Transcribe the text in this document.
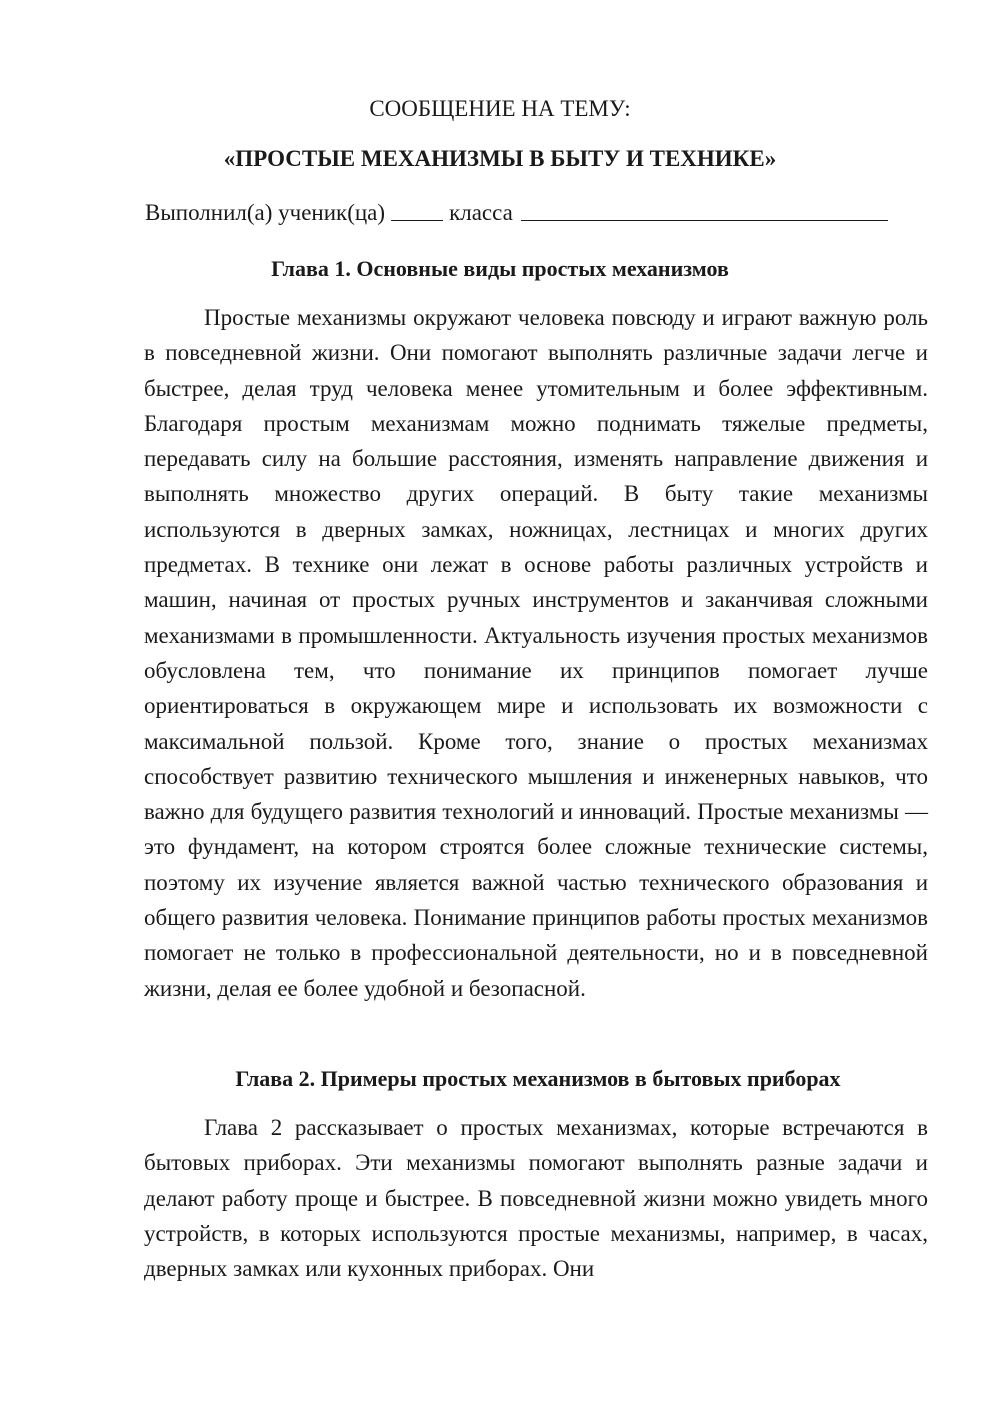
СООБЩЕНИЕ НА ТЕМУ:
«ПРОСТЫЕ МЕХАНИЗМЫ В БЫТУ И ТЕХНИКЕ»
Выполнил(а) ученик(ца)	класса
Глава 1. Основные виды простых механизмов

Простые механизмы окружают человека повсюду и играют важную роль в повседневной жизни. Они помогают выполнять различные задачи легче и быстрее, делая труд человека менее утомительным и более эффективным. Благодаря простым механизмам можно поднимать тяжелые предметы, передавать силу на большие расстояния, изменять направление движения и выполнять множество других операций. В быту такие механизмы используются в дверных замках, ножницах, лестницах и многих других предметах. В технике они лежат в основе работы различных устройств и машин, начиная от простых ручных инструментов и заканчивая сложными механизмами в промышленности. Актуальность изучения простых механизмов обусловлена тем, что понимание их принципов помогает лучше ориентироваться в окружающем мире и использовать их возможности с максимальной пользой. Кроме того, знание о простых механизмах способствует развитию технического мышления и инженерных навыков, что важно для будущего развития технологий и инноваций. Простые механизмы — это фундамент, на котором строятся более сложные технические системы, поэтому их изучение является важной частью технического образования и общего развития человека. Понимание принципов работы простых механизмов помогает не только в профессиональной деятельности, но и в повседневной жизни, делая ее более удобной и безопасной.

Глава 2. Примеры простых механизмов в бытовых приборах

Глава 2 рассказывает о простых механизмах, которые встречаются в бытовых приборах. Эти механизмы помогают выполнять разные задачи и делают работу проще и быстрее. В повседневной жизни можно увидеть много устройств, в которых используются простые механизмы, например, в часах, дверных замках или кухонных приборах. Они
